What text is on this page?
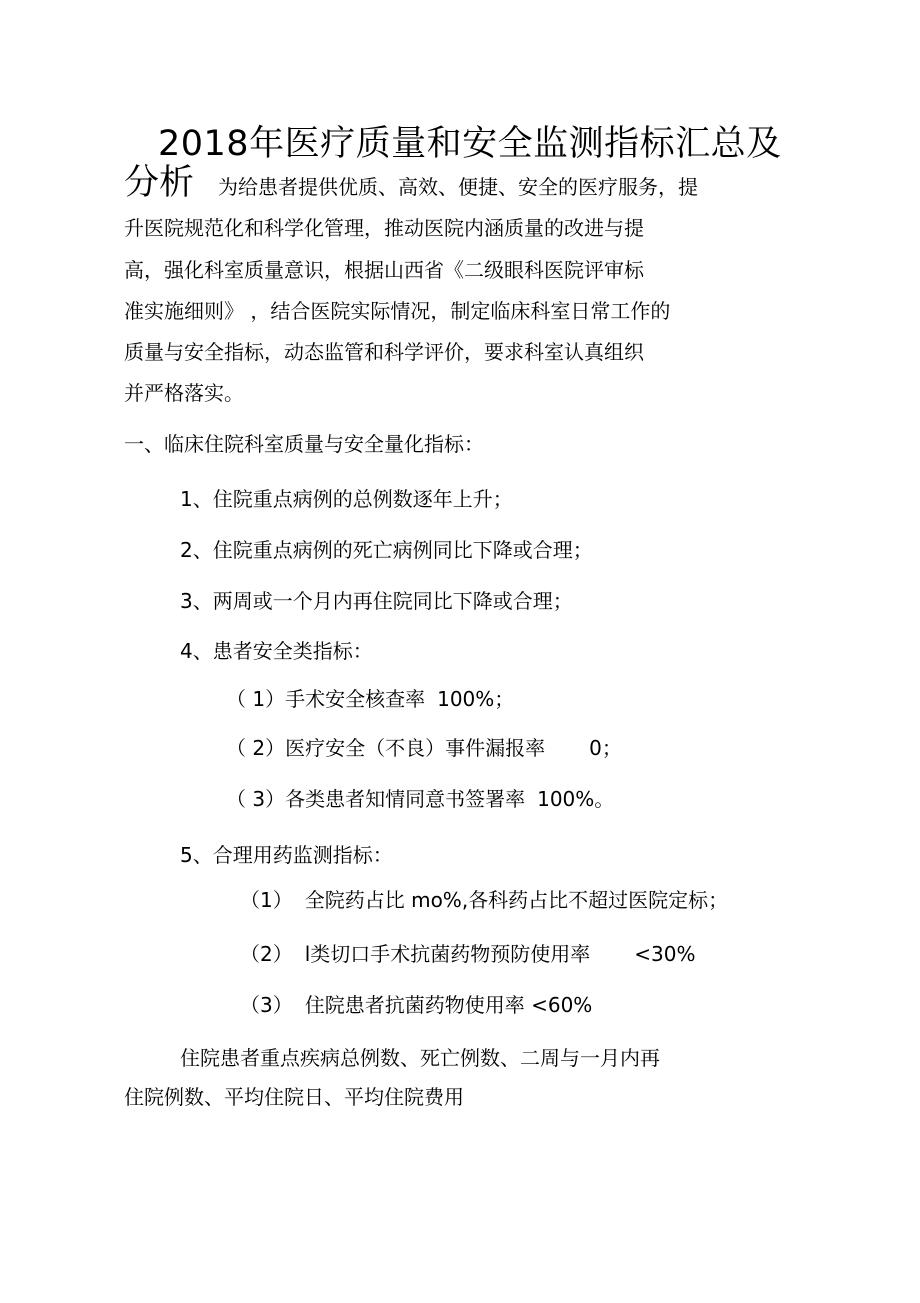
2018年医疗质量和安全监测指标汇总及
分析 为给患者提供优质、高效、便捷、安全的医疗服务，提
升医院规范化和科学化管理，推动医院内涵质量的改进与提
高，强化科室质量意识，根据山西省《二级眼科医院评审标
准实施细则》 ，结合医院实际情况，制定临床科室日常工作的
质量与安全指标，动态监管和科学评价，要求科室认真组织
并严格落实。
一、临床住院科室质量与安全量化指标：
1、住院重点病例的总例数逐年上升；
2、住院重点病例的死亡病例同比下降或合理；
3、两周或一个月内再住院同比下降或合理；
4、患者安全类指标：
（ 1）手术安全核查率 100%；
（ 2）医疗安全（不良）事件漏报率 0；
（ 3）各类患者知情同意书签署率 100%。
5、合理用药监测指标：
（1） 全院药占比 mo%,各科药占比不超过医院定标；
（2） l类切口手术抗菌药物预防使用率 <30%
（3） 住院患者抗菌药物使用率 <60%
住院患者重点疾病总例数、死亡例数、二周与一月内再
住院例数、平均住院日、平均住院费用
